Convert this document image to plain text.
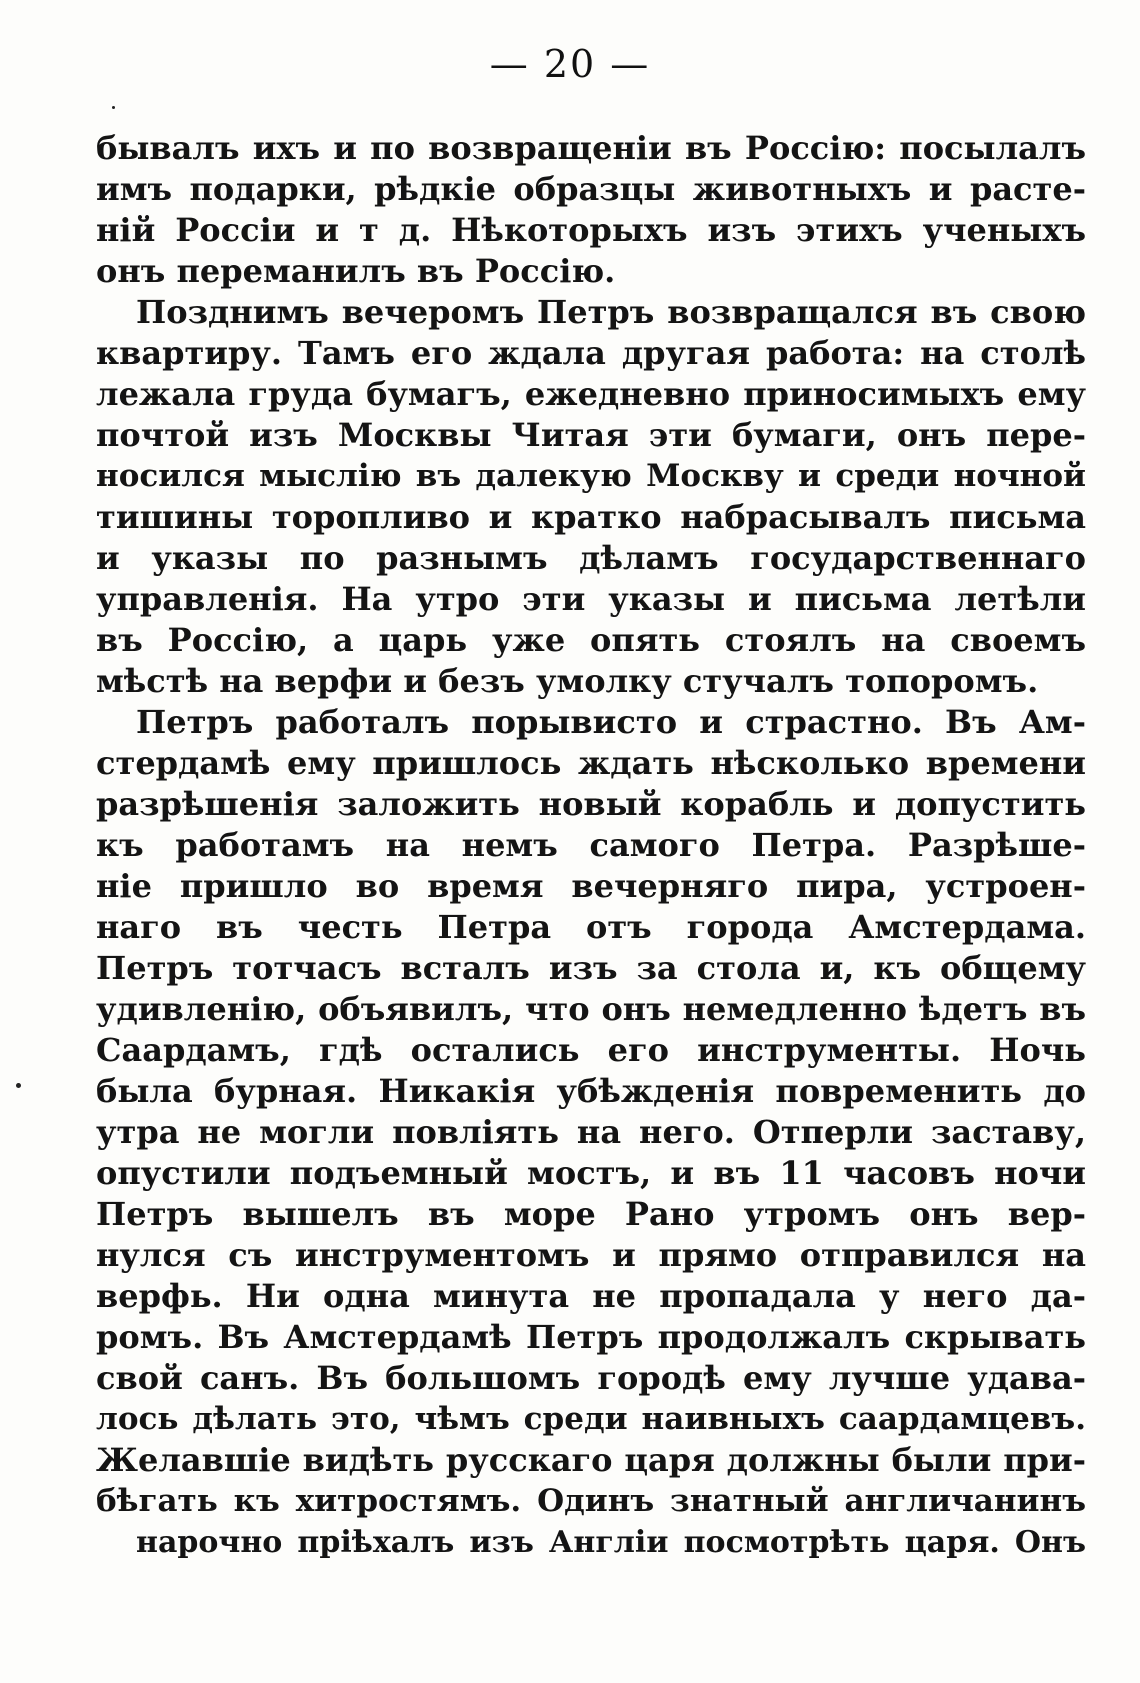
— 20 —
бывалъ ихъ и по возвращенiи въ Россiю: посылалъ
имъ подарки, рѣдкiе образцы животныхъ и расте-
нiй Россiи и т д. Нѣкоторыхъ изъ этихъ ученыхъ
онъ переманилъ въ Россiю.
Позднимъ вечеромъ Петръ возвращался въ свою
квартиру. Тамъ его ждала другая работа: на столѣ
лежала груда бумагъ, ежедневно приносимыхъ ему
почтой изъ Москвы Читая эти бумаги, онъ пере-
носился мыслiю въ далекую Москву и среди ночной
тишины торопливо и кратко набрасывалъ письма
и указы по разнымъ дѣламъ государственнаго
управленiя. На утро эти указы и письма летѣли
въ Россiю, а царь уже опять стоялъ на своемъ
мѣстѣ на верфи и безъ умолку стучалъ топоромъ.
Петръ работалъ порывисто и страстно. Въ Ам-
стердамѣ ему пришлось ждать нѣсколько времени
разрѣшенiя заложить новый корабль и допустить
къ работамъ на немъ самого Петра. Разрѣше-
нiе пришло во время вечерняго пира, устроен-
наго въ честь Петра отъ города Амстердама.
Петръ тотчасъ всталъ изъ за стола и, къ общему
удивленiю, объявилъ, что онъ немедленно ѣдетъ въ
Саардамъ, гдѣ остались его инструменты. Ночь
была бурная. Никакiя убѣжденiя повременить до
утра не могли повлiять на него. Отперли заставу,
опустили подъемный мостъ, и въ 11 часовъ ночи
Петръ вышелъ въ море Рано утромъ онъ вер-
нулся съ инструментомъ и прямо отправился на
верфь. Ни одна минута не пропадала у него да-
ромъ. Въ Амстердамѣ Петръ продолжалъ скрывать
свой санъ. Въ большомъ городѣ ему лучше удава-
лось дѣлать это, чѣмъ среди наивныхъ саардамцевъ.
Желавшiе видѣть русскаго царя должны были при-
бѣгать къ хитростямъ. Одинъ знатный англичанинъ
нарочно прiѣхалъ изъ Англiи посмотрѣть царя. Онъ
